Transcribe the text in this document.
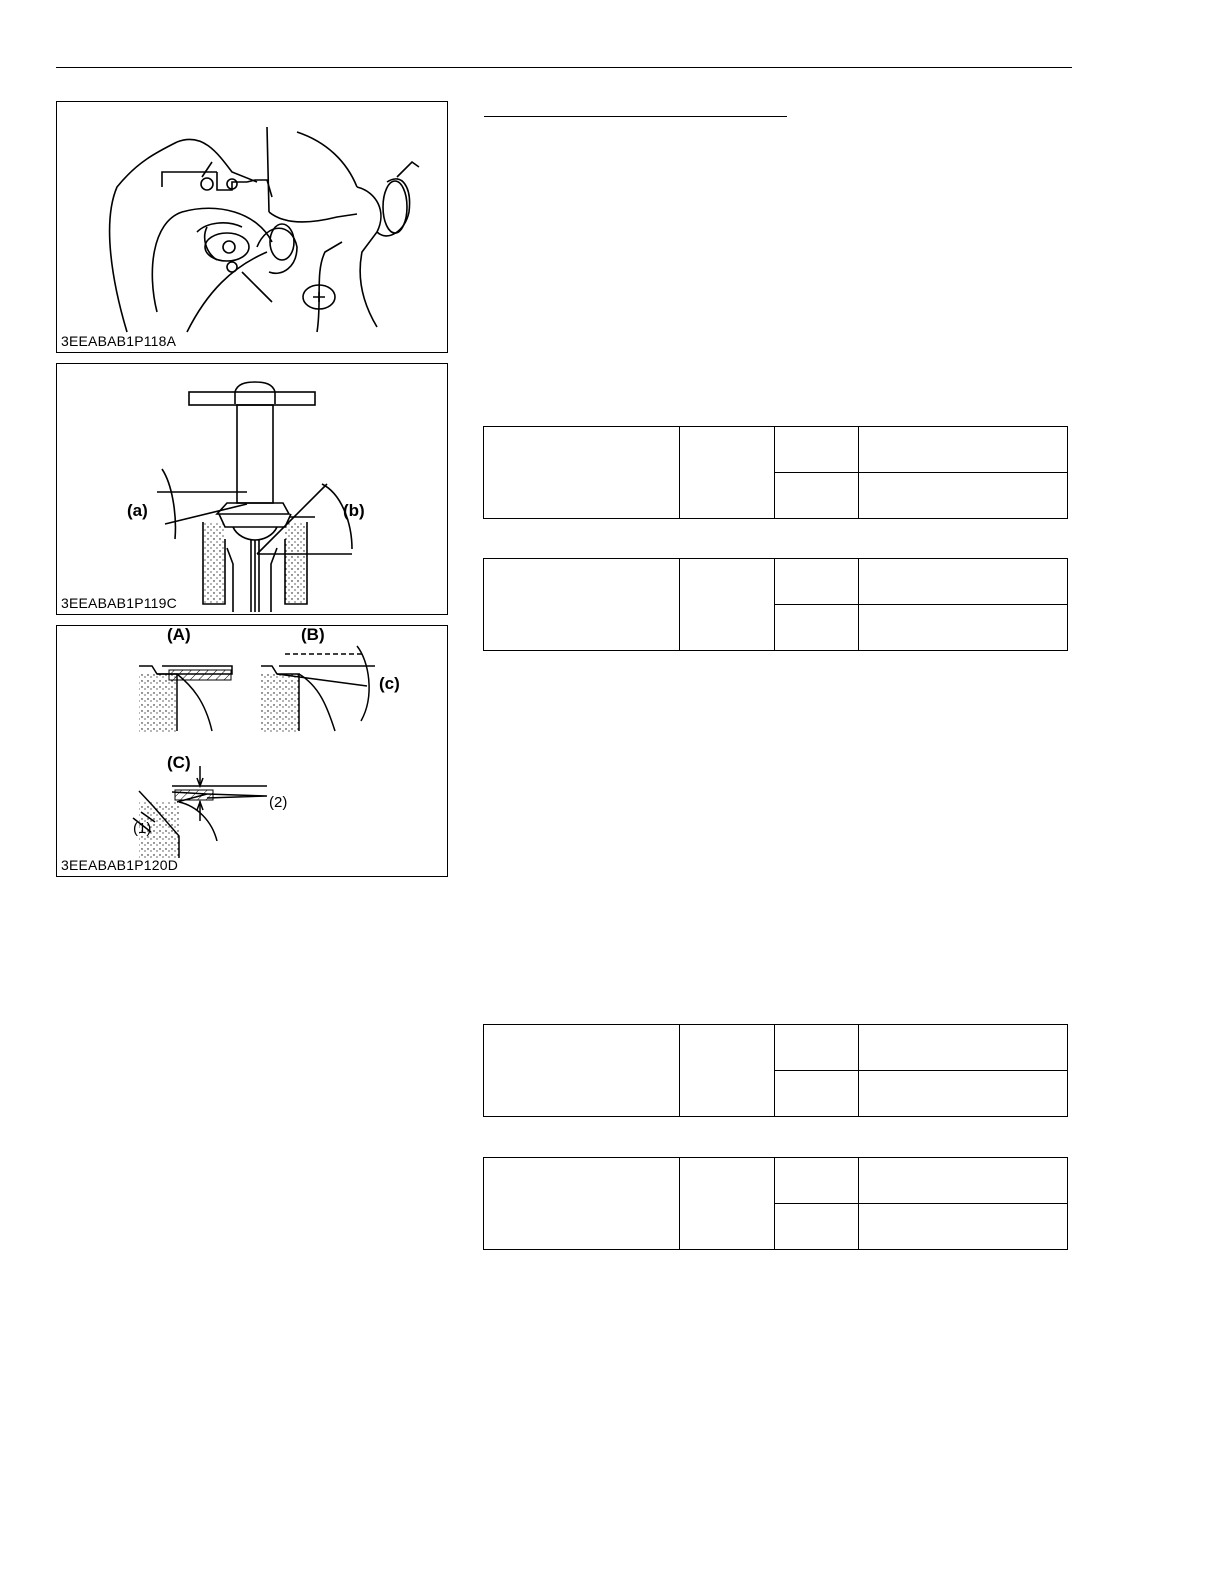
3EEABAB1P118A
(a)	(b)
3EEABAB1P119C
(A)	(B)
(c)
(C)
(1)
(2)
3EEABAB1P120D
